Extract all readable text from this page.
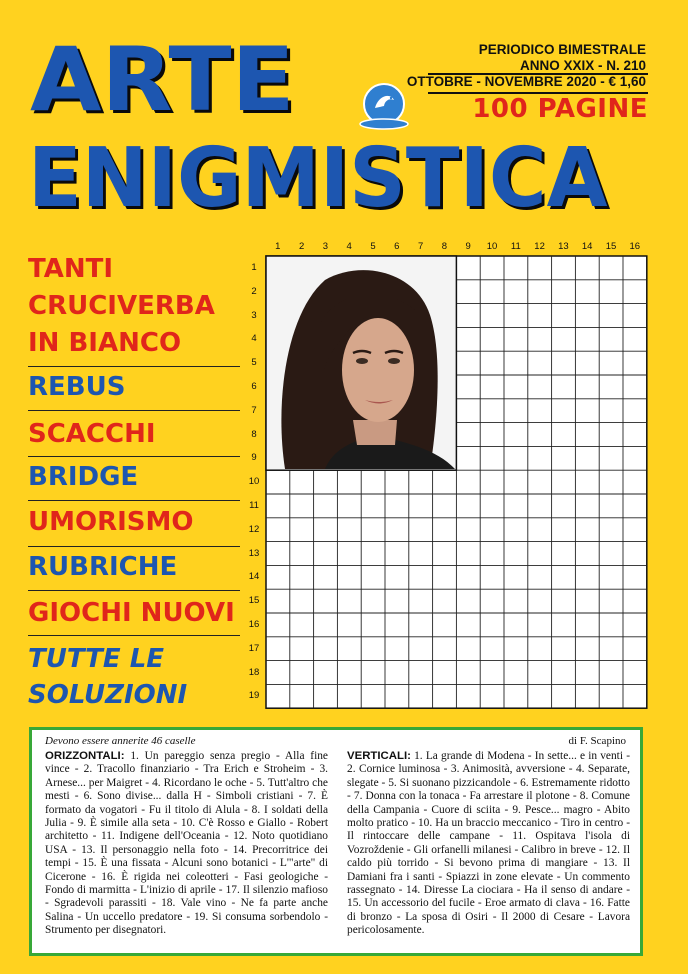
ARTE
ENIGMISTICA
PERIODICO BIMESTRALE
ANNO XXIX - N. 210
OTTOBRE - NOVEMBRE 2020 - € 1,60
100 PAGINE
TANTI
CRUCIVERBA
IN BIANCO
REBUS
SCACCHI
BRIDGE
UMORISMO
RUBRICHE
GIOCHI NUOVI
TUTTE LE
SOLUZIONI
1	2	3	4	5	6	7	8	9	10	11	12	13	14	15	16
1
2
3
4
5
6
7
8
9
10
11
12
13
14
15
16
17
18
19
Devono essere annerite 46 caselle	di F. Scapino
ORIZZONTALI: 1. Un pareggio senza pregio - Alla fine vince - 2. Tracollo finanziario - Tra Erich e Stroheim - 3. Arnese... per Maigret - 4. Ricordano le oche - 5. Tutt'altro che mesti - 6. Sono divise... dalla H - Simboli cristiani - 7. È formato da vogatori - Fu il titolo di Alula - 8. I soldati della Julia - 9. È simile alla seta - 10. C'è Rosso e Giallo - Robert architetto - 11. Indigene dell'Oceania - 12. Noto quotidiano USA - 13. Il personaggio nella foto - 14. Precorritrice dei tempi - 15. È una fissata - Alcuni sono botanici - L'"arte" di Cicerone - 16. È rigida nei coleotteri - Fasi geologiche - Fondo di marmitta - L'inizio di aprile - 17. Il silenzio mafioso - Sgradevoli parassiti - 18. Vale vino - Ne fa parte anche Salina - Un uccello predatore - 19. Si consuma sorbendolo - Strumento per disegnatori.
VERTICALI: 1. La grande di Modena - In sette... e in venti - 2. Cornice luminosa - 3. Animosità, avversione - 4. Separate, slegate - 5. Si suonano pizzicandole - 6. Estremamente ridotto - 7. Donna con la tonaca - Fa arrestare il plotone - 8. Comune della Campania - Cuore di sciita - 9. Pesce... magro - Abito molto pratico - 10. Ha un braccio meccanico - Tiro in centro - Il rintoccare delle campane - 11. Ospitava l'isola di Vozroždenie - Gli orfanelli milanesi - Calibro in breve - 12. Il caldo più torrido - Si bevono prima di mangiare - 13. Il Damiani fra i santi - Spiazzi in zone elevate - Un commento rassegnato - 14. Diresse La ciociara - Ha il senso di andare - 15. Un accessorio del fucile - Eroe armato di clava - 16. Fatte di bronzo - La sposa di Osiri - Il 2000 di Cesare - Lavora pericolosamente.
